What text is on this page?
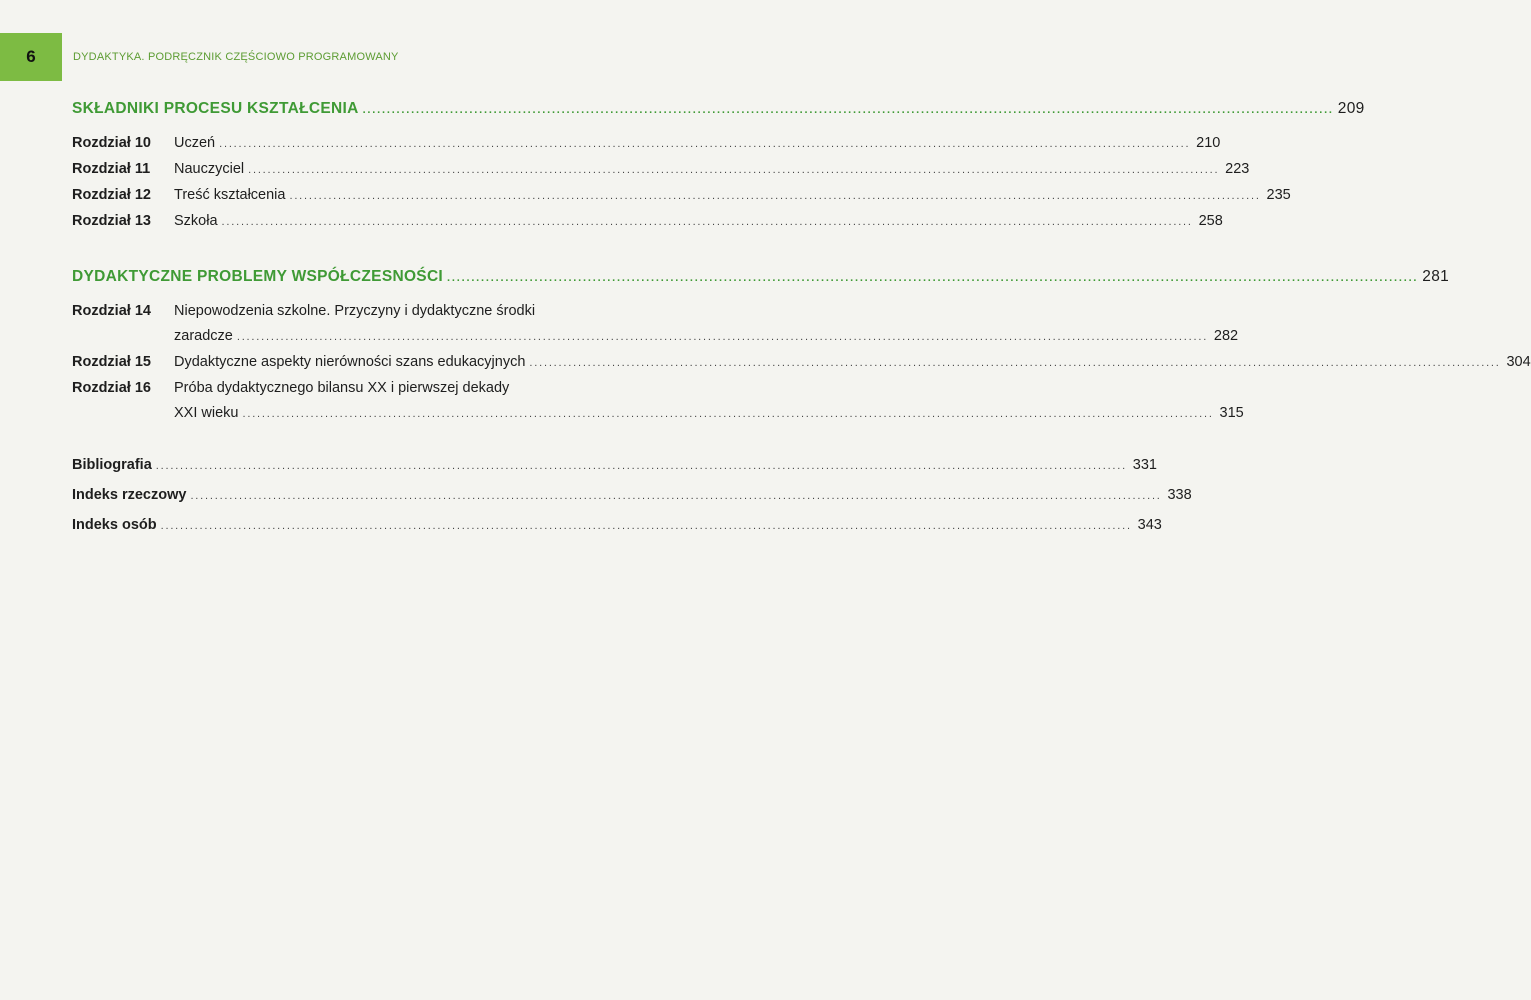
6	DYDAKTYKA. PODRĘCZNIK CZĘŚCIOWO PROGRAMOWANY
SKŁADNIKI PROCESU KSZTAŁCENIA ........................................................................................................................................................................................................ 209
Rozdział 10	Uczeń ........................................................................................................................................................................................................ 210
Rozdział 11	Nauczyciel ........................................................................................................................................................................................................ 223
Rozdział 12	Treść kształcenia ........................................................................................................................................................................................................ 235
Rozdział 13	Szkoła ........................................................................................................................................................................................................ 258
DYDAKTYCZNE PROBLEMY WSPÓŁCZESNOŚCI ........................................................................................................................................................................................................ 281
Rozdział 14	Niepowodzenia szkolne. Przyczyny i dydaktyczne środki
zaradcze ........................................................................................................................................................................................................ 282
Rozdział 15	Dydaktyczne aspekty nierówności szans edukacyjnych ........................................................................................................................................................................................................ 304
Rozdział 16	Próba dydaktycznego bilansu XX i pierwszej dekady
XXI wieku ........................................................................................................................................................................................................ 315
Bibliografia ........................................................................................................................................................................................................ 331
Indeks rzeczowy ........................................................................................................................................................................................................ 338
Indeks osób ........................................................................................................................................................................................................ 343
